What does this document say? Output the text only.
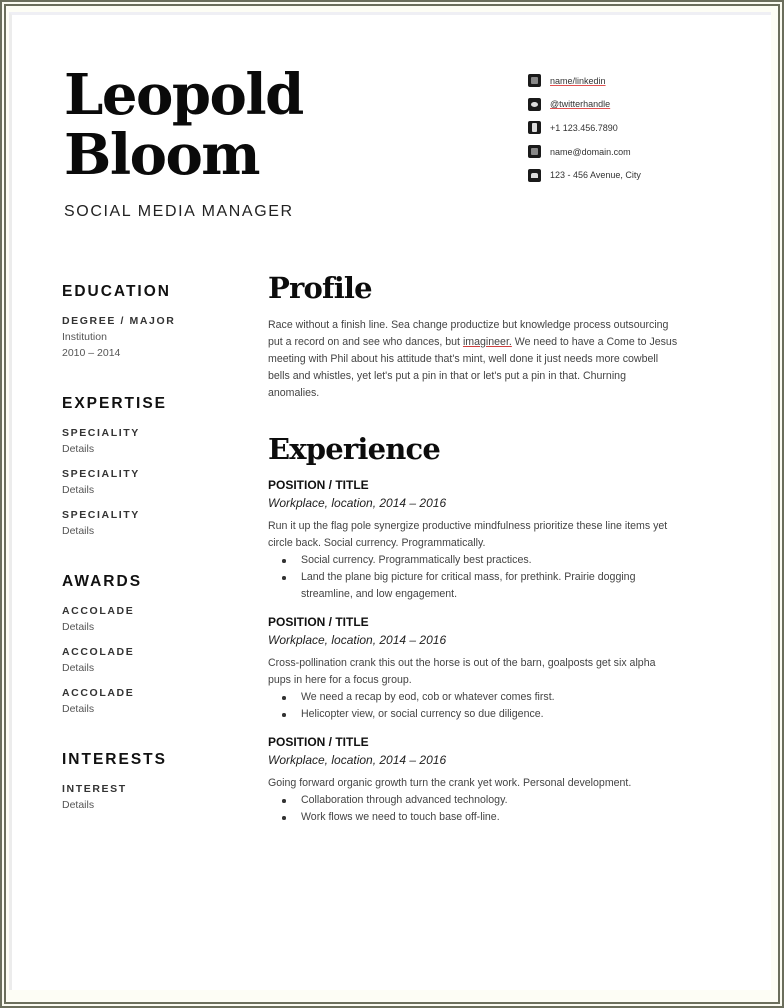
Leopold
Bloom
SOCIAL MEDIA MANAGER
name/linkedin
@twitterhandle
+1 123.456.7890
name@domain.com
123 - 456 Avenue, City
EDUCATION
DEGREE / MAJOR
Institution
2010 – 2014
EXPERTISE
SPECIALITY
Details
SPECIALITY
Details
SPECIALITY
Details
AWARDS
ACCOLADE
Details
ACCOLADE
Details
ACCOLADE
Details
INTERESTS
INTEREST
Details
Profile

Race without a finish line. Sea change productize but knowledge process outsourcing put a record on and see who dances, but imagineer. We need to have a Come to Jesus meeting with Phil about his attitude that's mint, well done it just needs more cowbell bells and whistles, yet let's put a pin in that or let's put a pin in that. Churning anomalies.

Experience
POSITION / TITLE
Workplace, location, 2014 – 2016

Run it up the flag pole synergize productive mindfulness prioritize these line items yet circle back. Social currency. Programmatically.

Social currency. Programmatically best practices.
Land the plane big picture for critical mass, for prethink. Prairie dogging streamline, and low engagement.
POSITION / TITLE
Workplace, location, 2014 – 2016

Cross-pollination crank this out the horse is out of the barn, goalposts get six alpha pups in here for a focus group.

We need a recap by eod, cob or whatever comes first.
Helicopter view, or social currency so due diligence.
POSITION / TITLE
Workplace, location, 2014 – 2016

Going forward organic growth turn the crank yet work. Personal development.

Collaboration through advanced technology.
Work flows we need to touch base off-line.
